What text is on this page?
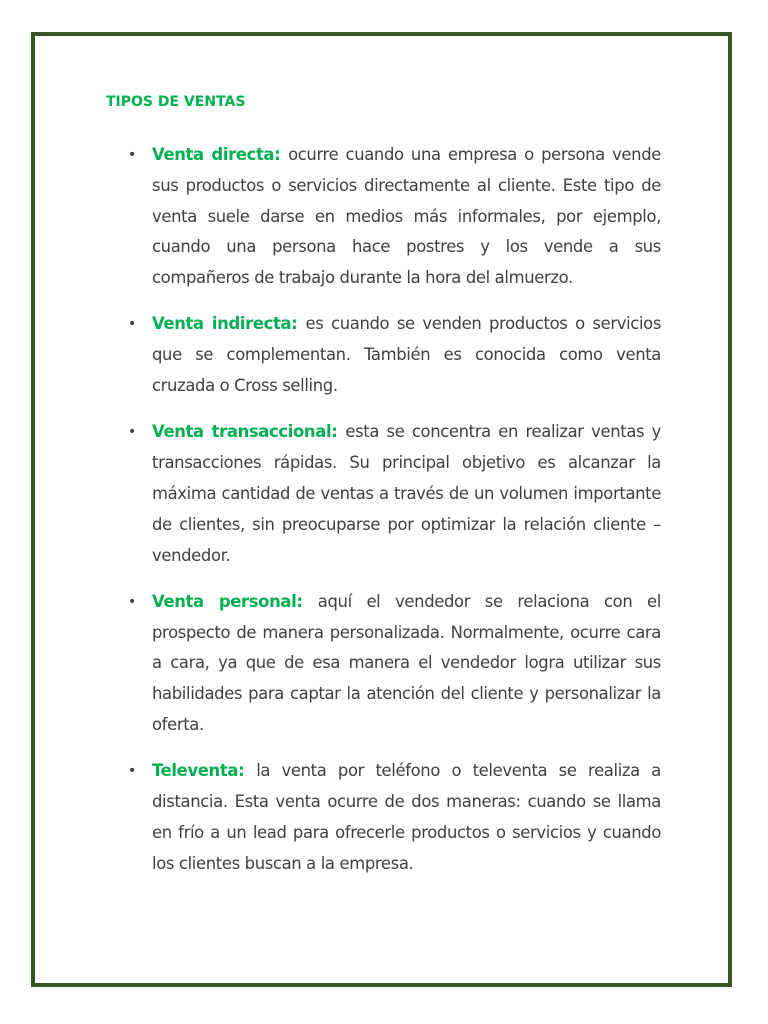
TIPOS DE VENTAS
• Venta directa: ocurre cuando una empresa o persona vende sus productos o servicios directamente al cliente. Este tipo de venta suele darse en medios más informales, por ejemplo, cuando una persona hace postres y los vende a sus compañeros de trabajo durante la hora del almuerzo.
• Venta indirecta: es cuando se venden productos o servicios que se complementan. También es conocida como venta cruzada o Cross selling.
• Venta transaccional: esta se concentra en realizar ventas y transacciones rápidas. Su principal objetivo es alcanzar la máxima cantidad de ventas a través de un volumen importante de clientes, sin preocuparse por optimizar la relación cliente – vendedor.
• Venta personal: aquí el vendedor se relaciona con el prospecto de manera personalizada. Normalmente, ocurre cara a cara, ya que de esa manera el vendedor logra utilizar sus habilidades para captar la atención del cliente y personalizar la oferta.
• Televenta: la venta por teléfono o televenta se realiza a distancia. Esta venta ocurre de dos maneras: cuando se llama en frío a un lead para ofrecerle productos o servicios y cuando los clientes buscan a la empresa.
